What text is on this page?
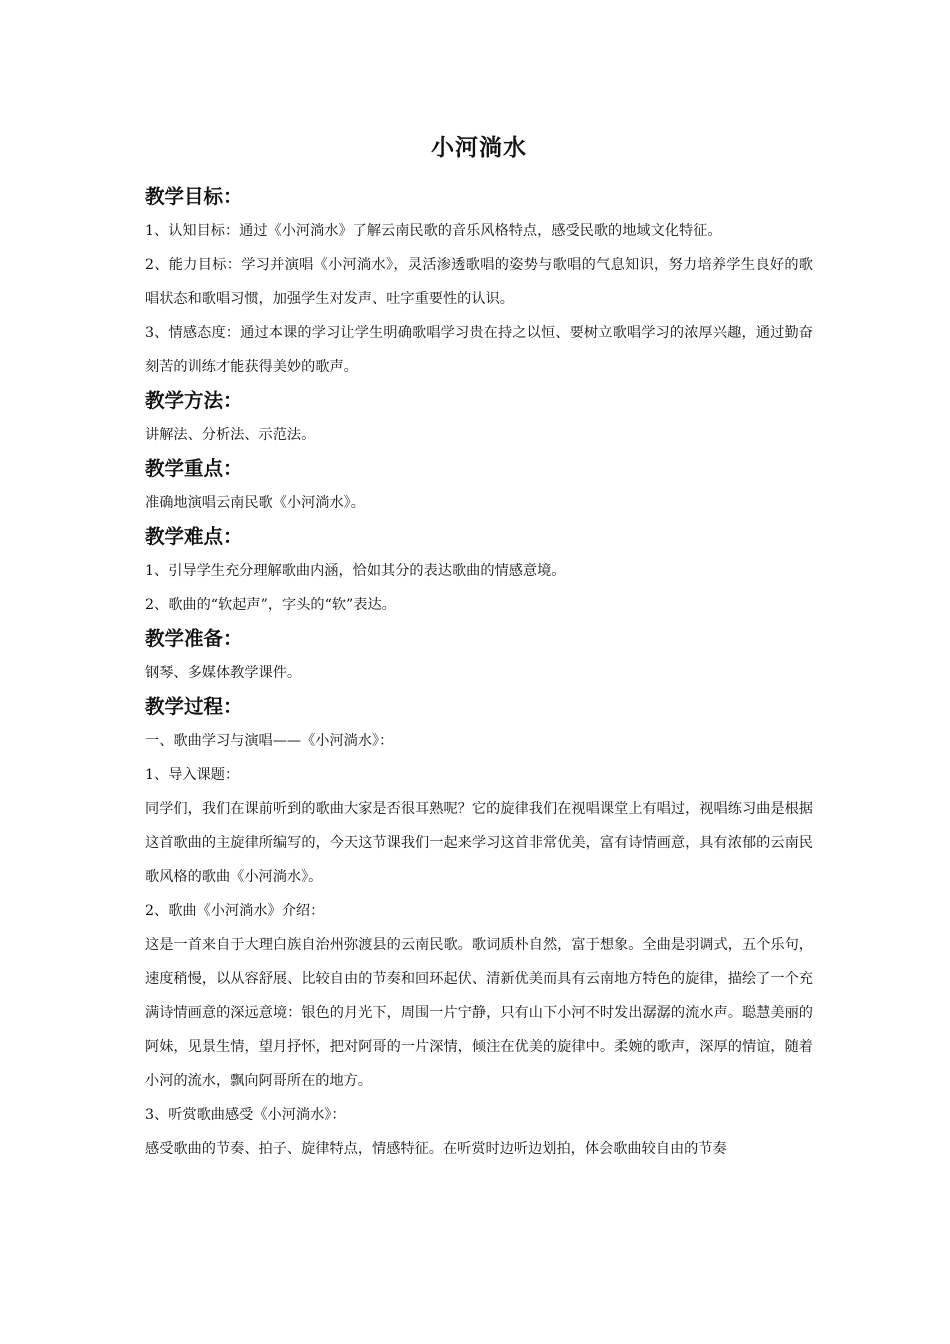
小河淌水
教学目标：

1、认知目标：通过《小河淌水》了解云南民歌的音乐风格特点，感受民歌的地域文化特征。

2、能力目标：学习并演唱《小河淌水》，灵活渗透歌唱的姿势与歌唱的气息知识，努力培养学生良好的歌唱状态和歌唱习惯，加强学生对发声、吐字重要性的认识。

3、情感态度：通过本课的学习让学生明确歌唱学习贵在持之以恒、要树立歌唱学习的浓厚兴趣，通过勤奋刻苦的训练才能获得美妙的歌声。

教学方法：

讲解法、分析法、示范法。

教学重点：

准确地演唱云南民歌《小河淌水》。

教学难点：

1、引导学生充分理解歌曲内涵，恰如其分的表达歌曲的情感意境。

2、歌曲的“软起声”，字头的“软”表达。

教学准备：

钢琴、多媒体教学课件。

教学过程：

一、歌曲学习与演唱——《小河淌水》：

1、导入课题：

同学们，我们在课前听到的歌曲大家是否很耳熟呢？它的旋律我们在视唱课堂上有唱过，视唱练习曲是根据这首歌曲的主旋律所编写的，今天这节课我们一起来学习这首非常优美，富有诗情画意，具有浓郁的云南民歌风格的歌曲《小河淌水》。

2、歌曲《小河淌水》介绍：

这是一首来自于大理白族自治州弥渡县的云南民歌。歌词质朴自然，富于想象。全曲是羽调式，五个乐句，速度稍慢，以从容舒展、比较自由的节奏和回环起伏、清新优美而具有云南地方特色的旋律，描绘了一个充满诗情画意的深远意境：银色的月光下，周围一片宁静，只有山下小河不时发出潺潺的流水声。聪慧美丽的阿妹，见景生情，望月抒怀，把对阿哥的一片深情，倾注在优美的旋律中。柔婉的歌声，深厚的情谊，随着小河的流水，飘向阿哥所在的地方。

3、听赏歌曲感受《小河淌水》：

感受歌曲的节奏、拍子、旋律特点，情感特征。在听赏时边听边划拍，体会歌曲较自由的节奏
